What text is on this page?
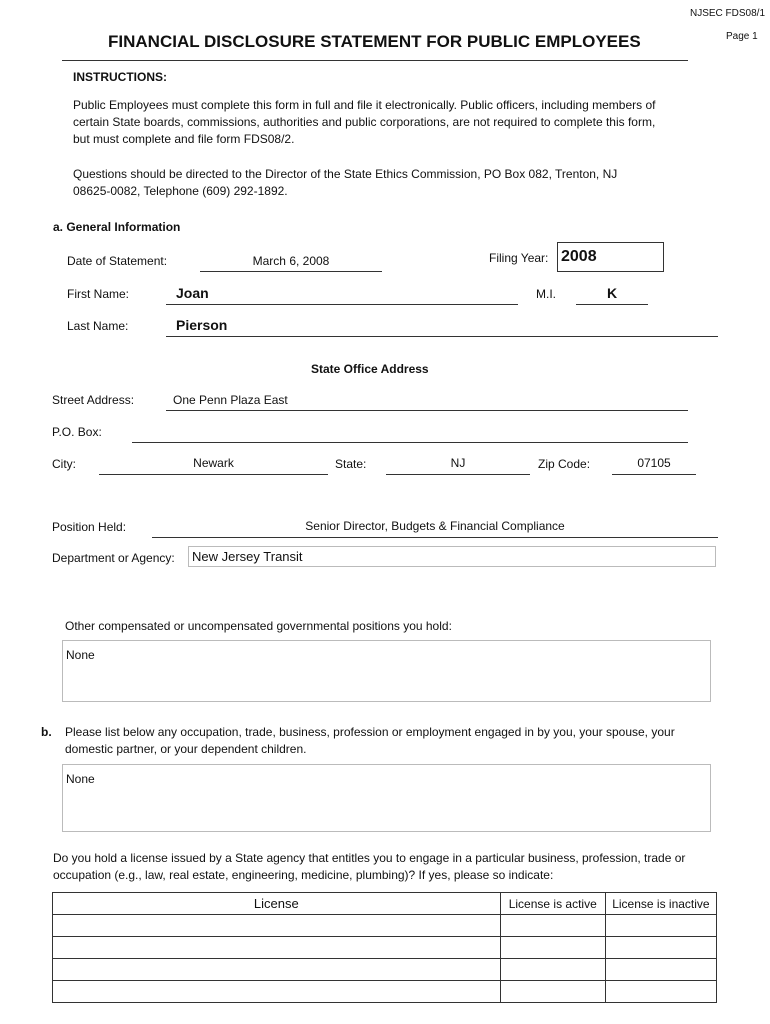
NJSEC FDS08/1
Page 1
FINANCIAL DISCLOSURE STATEMENT FOR PUBLIC EMPLOYEES
INSTRUCTIONS:
Public Employees must complete this form in full and file it electronically. Public officers, including members of
certain State boards, commissions, authorities and public corporations, are not required to complete this form,
but must complete and file form FDS08/2.
Questions should be directed to the Director of the State Ethics Commission, PO Box 082, Trenton, NJ
08625-0082, Telephone (609) 292-1892.
a. General Information
Date of Statement:	March 6, 2008	Filing Year: 2008
First Name:	Joan	M.I.	K
Last Name:	Pierson
State Office Address
Street Address:	One Penn Plaza East
P.O. Box:
City:	Newark	State:	NJ	Zip Code:	07105
Position Held:	Senior Director, Budgets & Financial Compliance
Department or Agency:	New Jersey Transit
Other compensated or uncompensated governmental positions you hold:
None
b. Please list below any occupation, trade, business, profession or employment engaged in by you, your spouse, your
domestic partner, or your dependent children.
None
Do you hold a license issued by a State agency that entitles you to engage in a particular business, profession, trade or
occupation (e.g., law, real estate, engineering, medicine, plumbing)? If yes, please so indicate:
License	License is active	License is inactive
